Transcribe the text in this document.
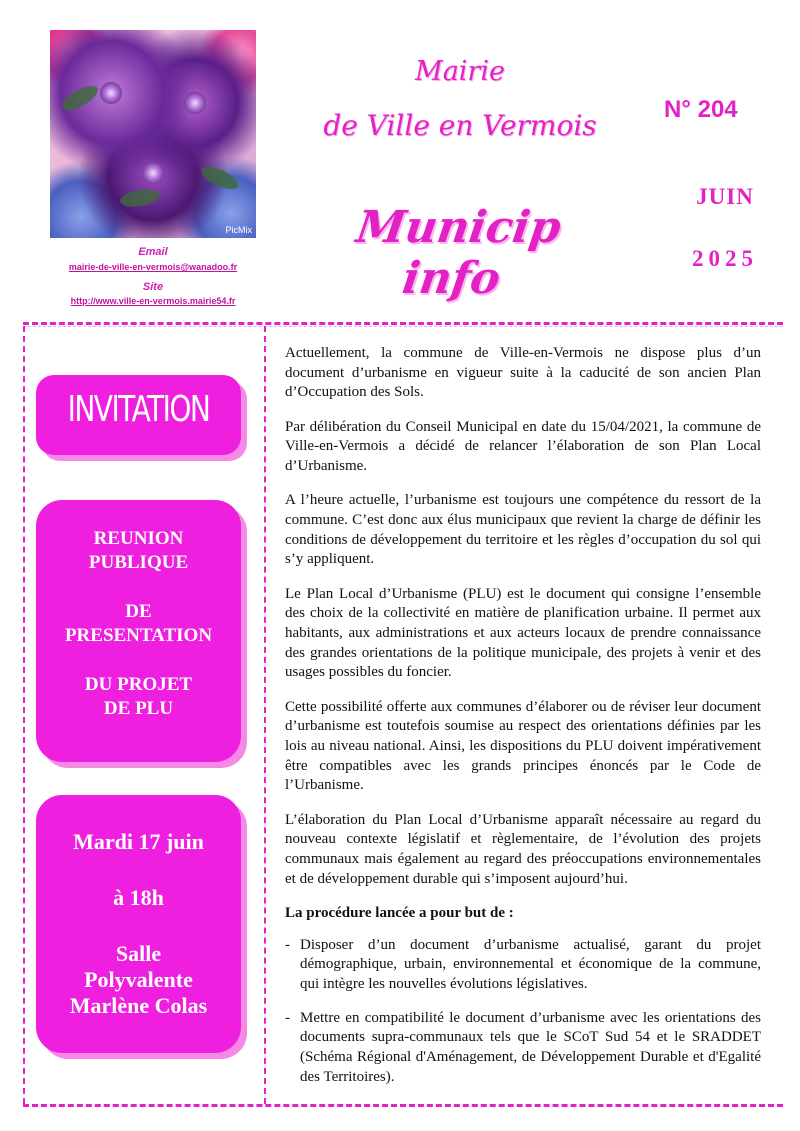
PicMix
Email
mairie-de-ville-en-vermois@wanadoo.fr
Site
http://www.ville-en-vermois.mairie54.fr
Mairie
de Ville en Vermois
Municip info
N° 204
JUIN
2025
INVITATION
REUNION
PUBLIQUE
DE
PRESENTATION
DU PROJET
DE PLU
Mardi 17 juin
à 18h
Salle
Polyvalente
Marlène Colas

Actuellement, la commune de Ville-en-Vermois ne dispose plus d’un document d’urbanisme en vigueur suite à la caducité de son ancien Plan d’Occupation des Sols.

Par délibération du Conseil Municipal en date du 15/04/2021, la commune de Ville-en-Vermois a décidé de relancer l’élaboration de son Plan Local d’Urbanisme.

A l’heure actuelle, l’urbanisme est toujours une compétence du ressort de la commune. C’est donc aux élus municipaux que revient la charge de définir les conditions de développement du territoire et les règles d’occupation du sol qui s’y appliquent.

Le Plan Local d’Urbanisme (PLU) est le document qui consigne l’ensemble des choix de la collectivité en matière de planification urbaine. Il permet aux habitants, aux administrations et aux acteurs locaux de prendre connaissance des grandes orientations de la politique municipale, des projets à venir et des usages possibles du foncier.

Cette possibilité offerte aux communes d’élaborer ou de réviser leur document d’urbanisme est toutefois soumise au respect des orientations définies par les lois au niveau national. Ainsi, les dispositions du PLU doivent impérativement être compatibles avec les grands principes énoncés par le Code de l’Urbanisme.

L’élaboration du Plan Local d’Urbanisme apparaît nécessaire au regard du nouveau contexte législatif et règlementaire, de l’évolution des projets communaux mais également au regard des préoccupations environnementales et de développement durable qui s’imposent aujourd’hui.

La procédure lancée a pour but de :

- Disposer d’un document d’urbanisme actualisé, garant du projet démographique, urbain, environnemental et économique de la commune, qui intègre les nouvelles évolutions législatives.
- Mettre en compatibilité le document d’urbanisme avec les orientations des documents supra-communaux tels que le SCoT Sud 54 et le SRADDET (Schéma Régional d'Aménagement, de Développement Durable et d'Egalité des Territoires).
